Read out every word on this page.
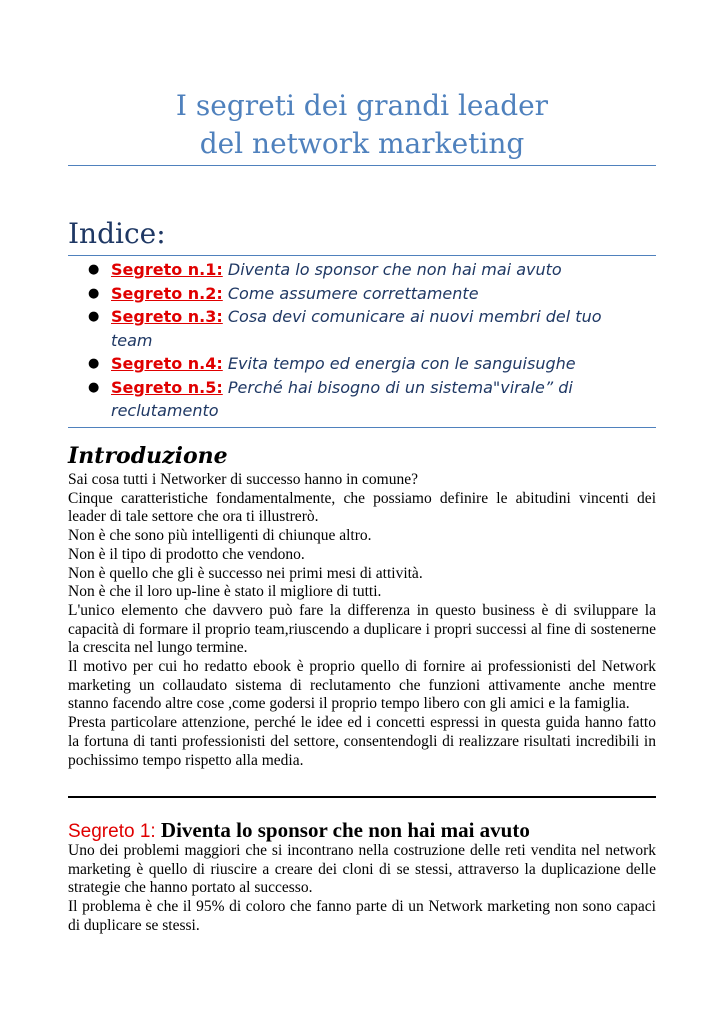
I segreti dei grandi leader
del network marketing
Indice:
● Segreto n.1: Diventa lo sponsor che non hai mai avuto
● Segreto n.2: Come assumere correttamente
● Segreto n.3: Cosa devi comunicare ai nuovi membri del tuo team
● Segreto n.4: Evita tempo ed energia con le sanguisughe
● Segreto n.5: Perché hai bisogno di un sistema"virale” di reclutamento
Introduzione

Sai cosa tutti i Networker di successo hanno in comune?

Cinque caratteristiche fondamentalmente, che possiamo definire le abitudini vincenti dei leader di tale settore che ora ti illustrerò.

Non è che sono più intelligenti di chiunque altro.

Non è il tipo di prodotto che vendono.

Non è quello che gli è successo nei primi mesi di attività.

Non è che il loro up-line è stato il migliore di tutti.

L'unico elemento che davvero può fare la differenza in questo business è di sviluppare la capacità di formare il proprio team,riuscendo a duplicare i propri successi al fine di sostenerne la crescita nel lungo termine.

Il motivo per cui ho redatto ebook è proprio quello di fornire ai professionisti del Network marketing un collaudato sistema di reclutamento che funzioni attivamente anche mentre stanno facendo altre cose ,come godersi il proprio tempo libero con gli amici e la famiglia.

Presta particolare attenzione, perché le idee ed i concetti espressi in questa guida hanno fatto la fortuna di tanti professionisti del settore, consentendogli di realizzare risultati incredibili in pochissimo tempo rispetto alla media.

Segreto 1: Diventa lo sponsor che non hai mai avuto

Uno dei problemi maggiori che si incontrano nella costruzione delle reti vendita nel network marketing è quello di riuscire a creare dei cloni di se stessi, attraverso la duplicazione delle strategie che hanno portato al successo.

Il problema è che il 95% di coloro che fanno parte di un Network marketing non sono capaci di duplicare se stessi.
